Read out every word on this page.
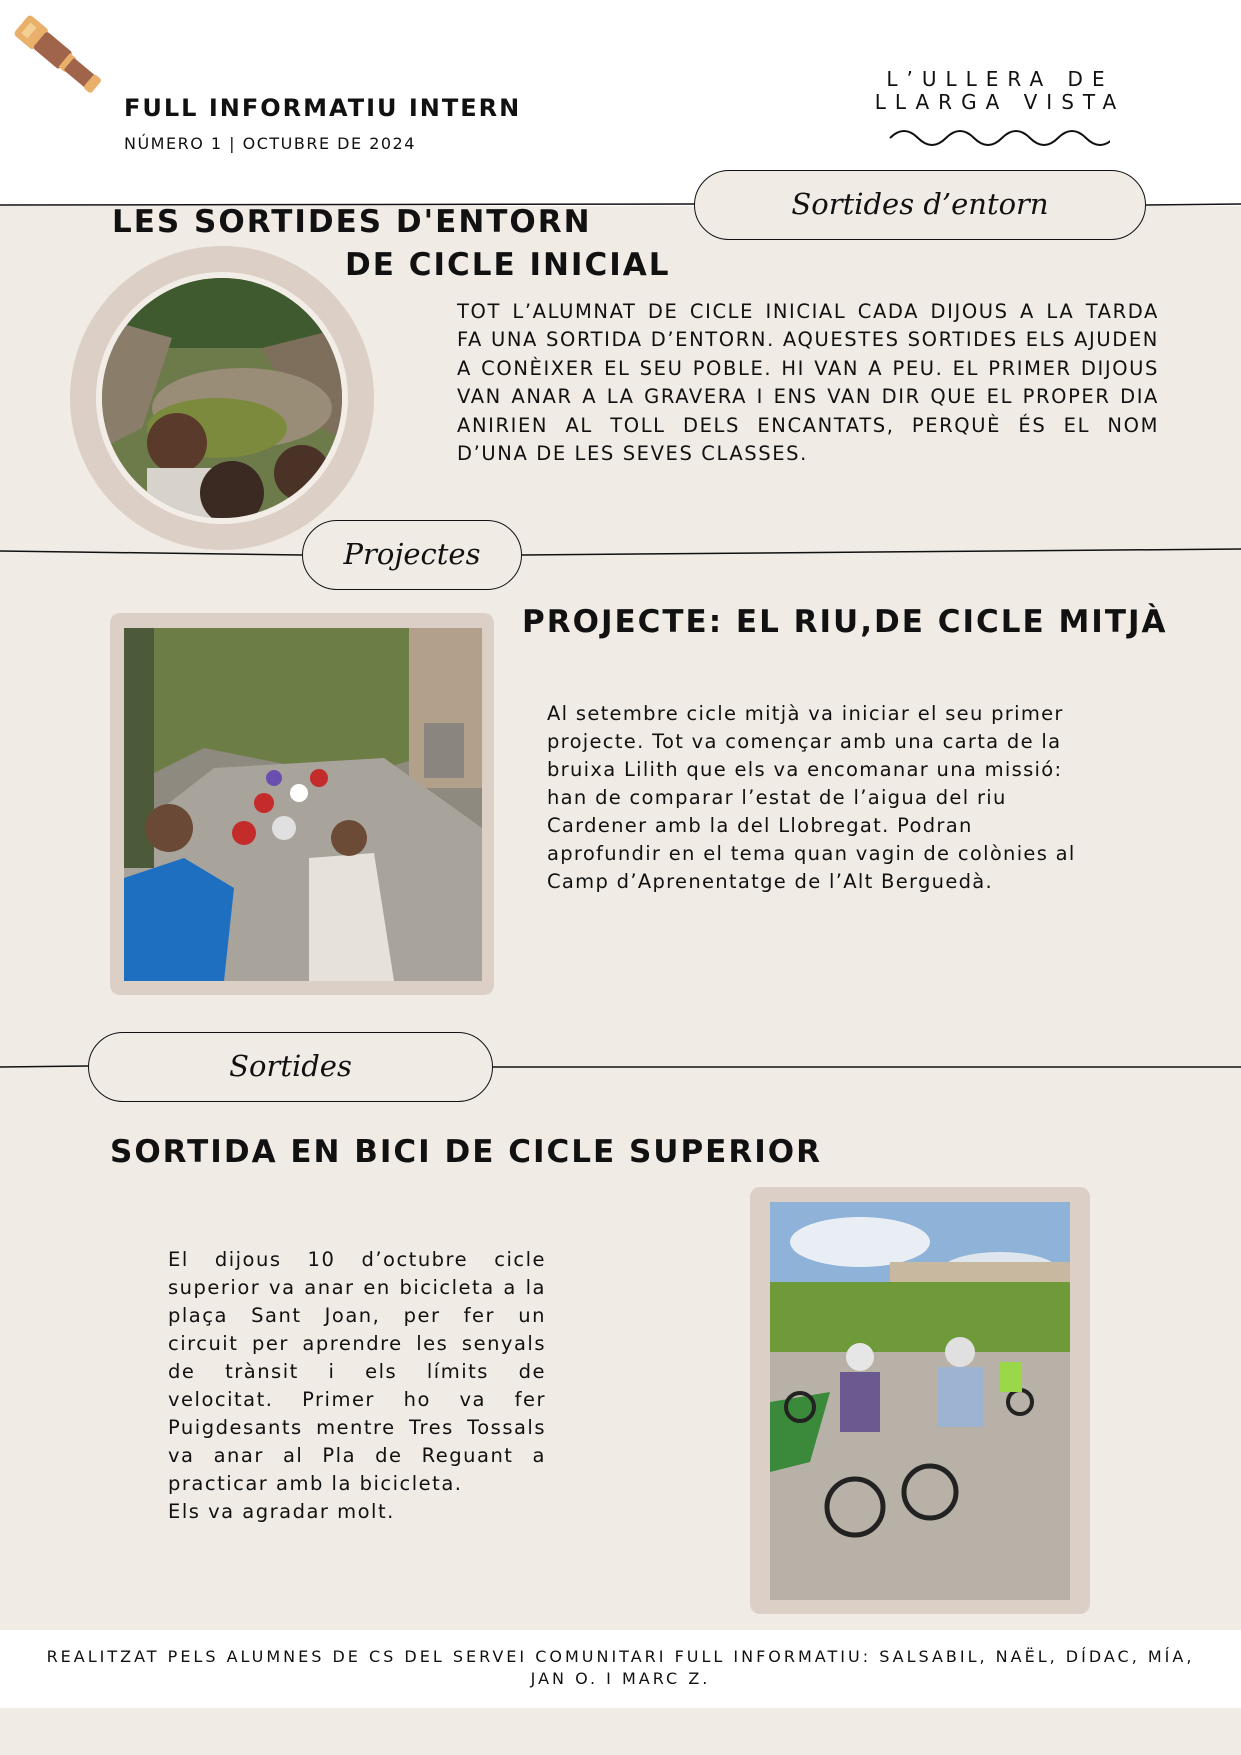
FULL INFORMATIU INTERN
NÚMERO 1 | OCTUBRE DE 2024
L’ULLERA DE
LLARGA VISTA
Sortides d’entorn
LES SORTIDES D'ENTORN
DE CICLE INICIAL
TOT L’ALUMNAT DE CICLE INICIAL CADA DIJOUS A LA TARDA FA UNA SORTIDA D’ENTORN. AQUESTES SORTIDES ELS AJUDEN A CONÈIXER EL SEU POBLE. HI VAN A PEU. EL PRIMER DIJOUS VAN ANAR A LA GRAVERA I ENS VAN DIR QUE EL PROPER DIA ANIRIEN AL TOLL DELS ENCANTATS, PERQUÈ ÉS EL NOM D’UNA DE LES SEVES CLASSES.
Projectes
PROJECTE: EL RIU,DE CICLE MITJÀ
Al setembre cicle mitjà va iniciar el seu primer
projecte. Tot va començar amb una carta de la
bruixa Lilith que els va encomanar una missió:
han de comparar l’estat de l’aigua del riu
Cardener amb la del Llobregat. Podran
aprofundir en el tema quan vagin de colònies al
Camp d’Aprenentatge de l’Alt Berguedà.
Sortides
SORTIDA EN BICI DE CICLE SUPERIOR
El dijous 10 d’octubre cicle superior va anar en bicicleta a la plaça Sant Joan, per fer un circuit per aprendre les senyals de trànsit i els límits de velocitat. Primer ho va fer Puigdesants mentre Tres Tossals va anar al Pla de Reguant a practicar amb la bicicleta.
Els va agradar molt.
REALITZAT PELS ALUMNES DE CS DEL SERVEI COMUNITARI FULL INFORMATIU: SALSABIL, NAËL, DÍDAC, MÍA,
JAN O. I MARC Z.
